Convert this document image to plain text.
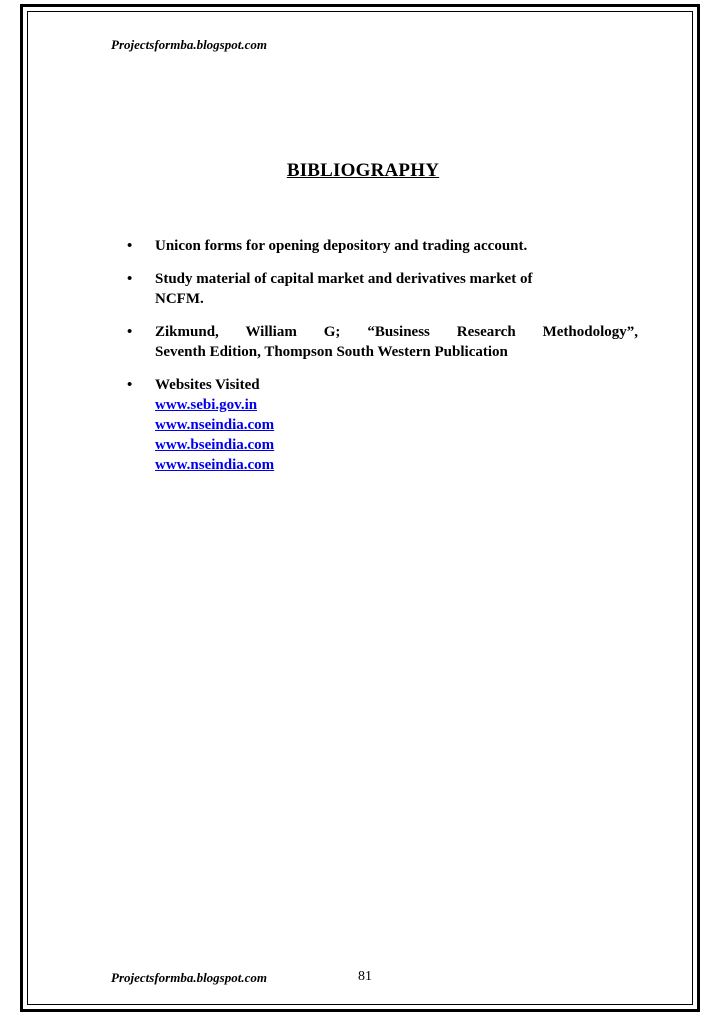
Projectsformba.blogspot.com
BIBLIOGRAPHY
• Unicon forms for opening depository and trading account.
• Study material of capital market and derivatives market of
NCFM.
• Zikmund, William G; “Business Research Methodology”,
Seventh Edition, Thompson South Western Publication
• Websites Visited
www.sebi.gov.in
www.nseindia.com
www.bseindia.com
www.nseindia.com
Projectsformba.blogspot.com	81
